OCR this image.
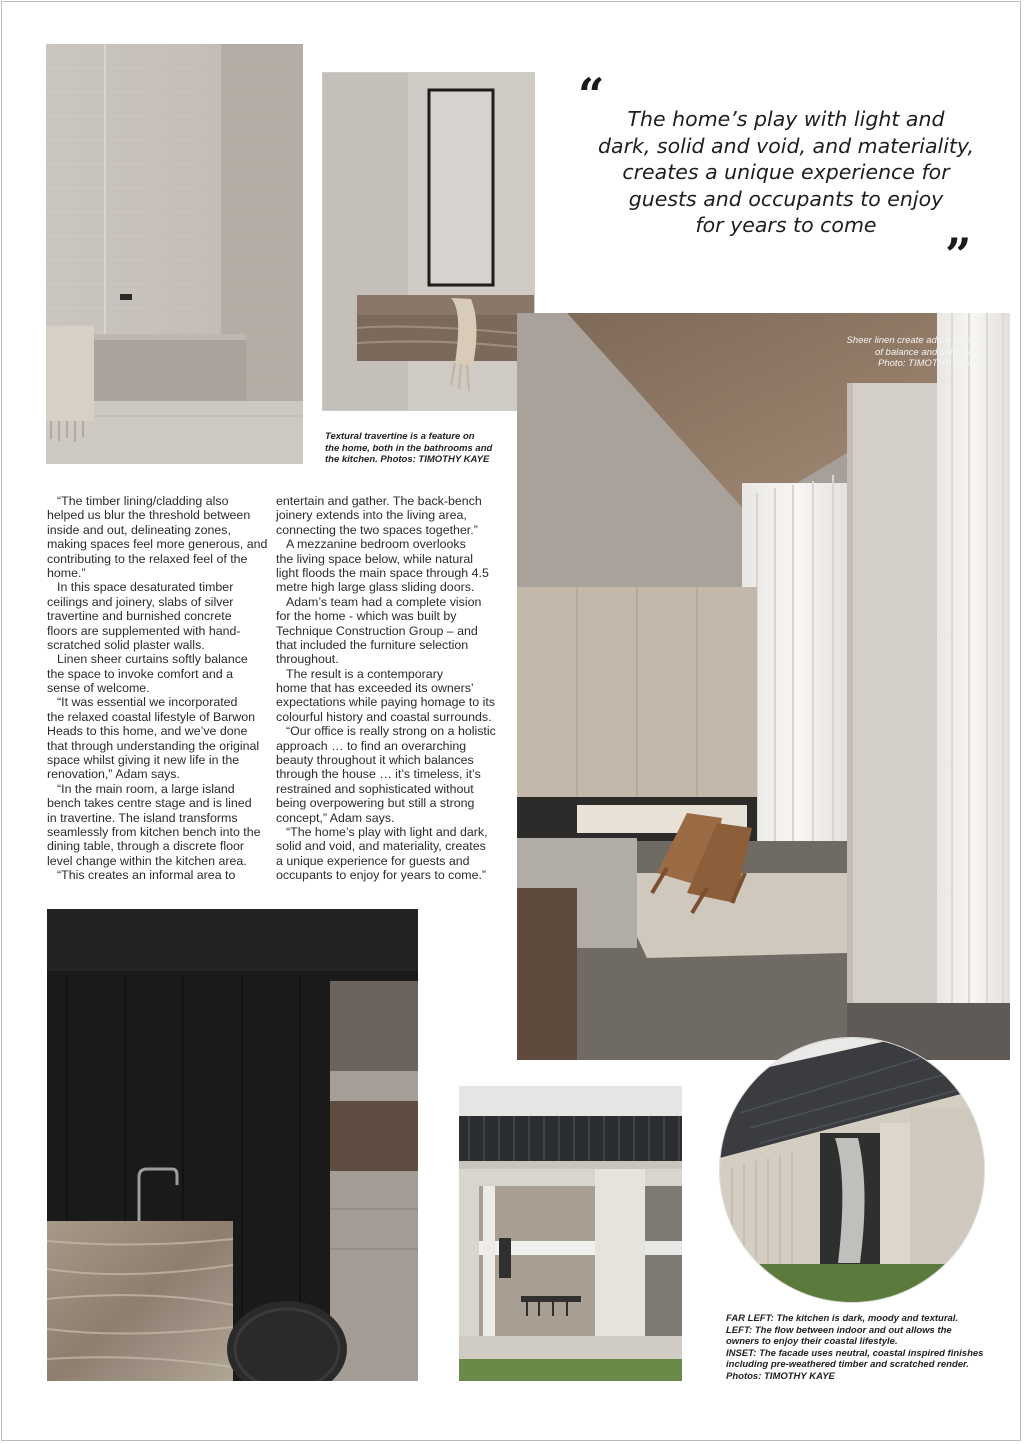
Textural travertine is a feature on
the home, both in the bathrooms and
the kitchen. Photos: TIMOTHY KAYE
“	The home’s play with light and
dark, solid and void, and materiality,
creates a unique experience for
guests and occupants to enjoy
for years to come
”
Sheer linen create add a sense
of balance and softness.
Photo: TIMOTHY KAYE
“The timber lining/cladding also
helped us blur the threshold between
inside and out, delineating zones,
making spaces feel more generous, and
contributing to the relaxed feel of the
home.”
In this space desaturated timber
ceilings and joinery, slabs of silver
travertine and burnished concrete
floors are supplemented with hand-
scratched solid plaster walls.
Linen sheer curtains softly balance
the space to invoke comfort and a
sense of welcome.
“It was essential we incorporated
the relaxed coastal lifestyle of Barwon
Heads to this home, and we’ve done
that through understanding the original
space whilst giving it new life in the
renovation,” Adam says.
“In the main room, a large island
bench takes centre stage and is lined
in travertine. The island transforms
seamlessly from kitchen bench into the
dining table, through a discrete floor
level change within the kitchen area.
“This creates an informal area to
entertain and gather. The back-bench
joinery extends into the living area,
connecting the two spaces together.”
A mezzanine bedroom overlooks
the living space below, while natural
light floods the main space through 4.5
metre high large glass sliding doors.
Adam’s team had a complete vision
for the home - which was built by
Technique Construction Group – and
that included the furniture selection
throughout.
The result is a contemporary
home that has exceeded its owners’
expectations while paying homage to its
colourful history and coastal surrounds.
“Our office is really strong on a holistic
approach … to find an overarching
beauty throughout it which balances
through the house … it’s timeless, it’s
restrained and sophisticated without
being overpowering but still a strong
concept,” Adam says.
“The home’s play with light and dark,
solid and void, and materiality, creates
a unique experience for guests and
occupants to enjoy for years to come.”
FAR LEFT: The kitchen is dark, moody and textural.
LEFT: The flow between indoor and out allows the
owners to enjoy their coastal lifestyle.
INSET: The facade uses neutral, coastal inspired finishes
including pre-weathered timber and scratched render.
Photos: TIMOTHY KAYE
